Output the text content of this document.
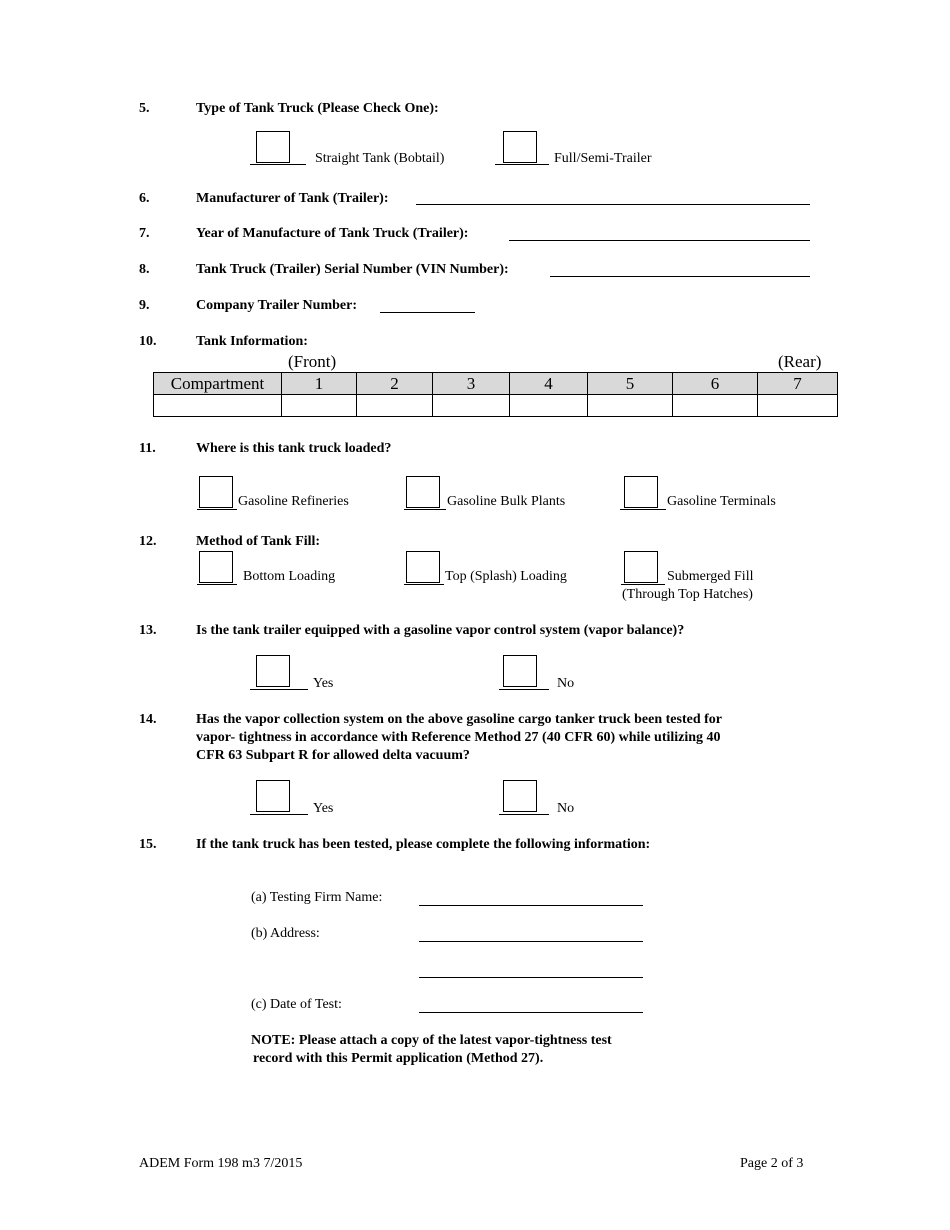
5.	Type of Tank Truck (Please Check One):
Straight Tank (Bobtail)	Full/Semi-Trailer
6.	Manufacturer of Tank (Trailer):
7.	Year of Manufacture of Tank Truck (Trailer):
8.	Tank Truck (Trailer) Serial Number (VIN Number):
9.	Company Trailer Number:
10.	Tank Information:
(Front)	(Rear)
Compartment	1	2	3	4	5	6	7

11.	Where is this tank truck loaded?
Gasoline Refineries	Gasoline Bulk Plants	Gasoline Terminals
12.	Method of Tank Fill:
Bottom Loading	Top (Splash) Loading	Submerged Fill
(Through Top Hatches)
13.	Is the tank trailer equipped with a gasoline vapor control system (vapor balance)?
Yes	No
14.	Has the vapor collection system on the above gasoline cargo tanker truck been tested for
vapor- tightness in accordance with Reference Method 27 (40 CFR 60) while utilizing 40
CFR 63 Subpart R for allowed delta vacuum?
Yes	No
15.	If the tank truck has been tested, please complete the following information:
(a) Testing Firm Name:
(b) Address:
(c) Date of Test:
NOTE: Please attach a copy of the latest vapor-tightness test
record with this Permit application (Method 27).
ADEM Form 198 m3 7/2015	Page 2 of 3
